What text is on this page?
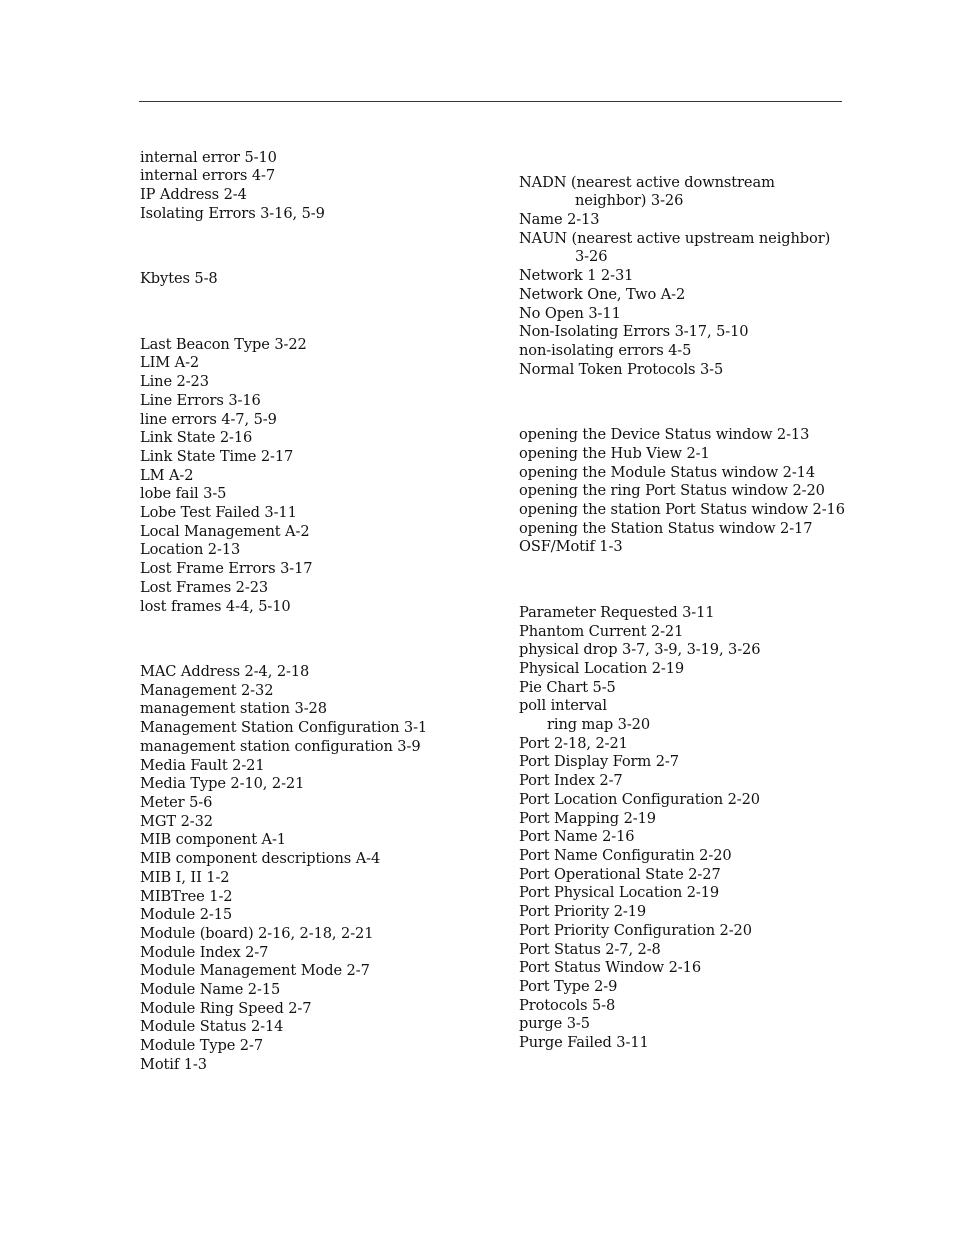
internal error 5-10
internal errors 4-7
IP Address 2-4
Isolating Errors 3-16, 5-9
Kbytes 5-8
Last Beacon Type 3-22
LIM A-2
Line 2-23
Line Errors 3-16
line errors 4-7, 5-9
Link State 2-16
Link State Time 2-17
LM A-2
lobe fail 3-5
Lobe Test Failed 3-11
Local Management A-2
Location 2-13
Lost Frame Errors 3-17
Lost Frames 2-23
lost frames 4-4, 5-10
MAC Address 2-4, 2-18
Management 2-32
management station 3-28
Management Station Configuration 3-1
management station configuration 3-9
Media Fault 2-21
Media Type 2-10, 2-21
Meter 5-6
MGT 2-32
MIB component A-1
MIB component descriptions A-4
MIB I, II 1-2
MIBTree 1-2
Module 2-15
Module (board) 2-16, 2-18, 2-21
Module Index 2-7
Module Management Mode 2-7
Module Name 2-15
Module Ring Speed 2-7
Module Status 2-14
Module Type 2-7
Motif 1-3
NADN (nearest active downstream
neighbor) 3-26
Name 2-13
NAUN (nearest active upstream neighbor)
3-26
Network 1 2-31
Network One, Two A-2
No Open 3-11
Non-Isolating Errors 3-17, 5-10
non-isolating errors 4-5
Normal Token Protocols 3-5
opening the Device Status window 2-13
opening the Hub View 2-1
opening the Module Status window 2-14
opening the ring Port Status window 2-20
opening the station Port Status window 2-16
opening the Station Status window 2-17
OSF/Motif 1-3
Parameter Requested 3-11
Phantom Current 2-21
physical drop 3-7, 3-9, 3-19, 3-26
Physical Location 2-19
Pie Chart 5-5
poll interval
ring map 3-20
Port 2-18, 2-21
Port Display Form 2-7
Port Index 2-7
Port Location Configuration 2-20
Port Mapping 2-19
Port Name 2-16
Port Name Configuratin 2-20
Port Operational State 2-27
Port Physical Location 2-19
Port Priority 2-19
Port Priority Configuration 2-20
Port Status 2-7, 2-8
Port Status Window 2-16
Port Type 2-9
Protocols 5-8
purge 3-5
Purge Failed 3-11
